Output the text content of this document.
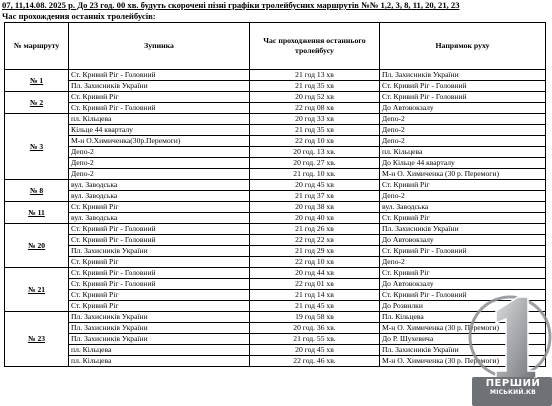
07, 11,14.08. 2025 р. До 23 год. 00 хв. будуть скорочені пізні графіки тролейбусних маршрутів №№ 1,2, 3, 8, 11, 20, 21, 23
Час прохождения останніх тролейбусів:
№ маршруту	Зупинка	Час проходження останнього тролейбусу	Напрямок руху
№ 1	Ст. Кривий Ріг - Головний	21 год 13 хв	Пл. Захисників України
	Пл. Захисників України	21 год 35 хв	Ст. Кривий Ріг - Головний
№ 2	Ст. Кривий Ріг	20 год 52 хв	Ст. Кривий Ріг - Головний
	Ст. Кривий Ріг - Головний	22 год 08 хв	До Автовокзалу
№ 3	пл. Кільцева	20 год 33 хв	Депо-2
	Кільце 44 кварталу	21 год 35 хв	Депо-2
	М-н О.Химиченка(30р.Перемоги)	22 год 10 хв	Депо-2
	Депо-2	20 год. 13 хв.	пл. Кільцева
	Депо-2	20 год. 27 хв.	До Кільце 44 кварталу
	Депо-2	21 год. 10 хв.	М-н О. Химиченка (30 р. Перемоги)
№ 8	вул. Заводська	20 год 45 хв	Ст. Кривий Ріг
	вул. Заводська	21 год 37 хв	Депо-2
№ 11	Ст. Кривий Ріг	20 год 38 хв	вул. Заводська
	вул. Заводська	20 год 40 хв	Ст. Кривий Ріг
№ 20	Ст. Кривий Ріг - Головний	21 год 26 хв	Пл. Захисників України
	Ст. Кривий Ріг - Головний	22 год 22 хв	До Автовокзалу
	Пл. Захисників України	21 год 29 хв	Ст. Кривий Ріг - Головний
	Ст. Кривий Ріг	22 год 10 хв	Депо-2
№ 21	Ст. Кривий Ріг - Головний	20 год 44 хв	Ст. Кривий Ріг
	Ст. Кривий Ріг - Головний	22 год 01 хв	До Автовокзалу
	Ст. Кривий Ріг	21 год 14 хв	Ст. Кривий Ріг - Головний
	Ст. Кривий Ріг	21 год 45 хв	До Розвилки
№ 23	Пл. Захисників України	19 год 58 хв	Пл. Кільцева
	Пл. Захисників України	20 год. 36 хв.	М-н О. Химиченка (30 р. Перемоги)
	Пл. Захисників України	21 год. 55 хв.	До Р. Шухевича
	пл. Кільцева	20 год 45 хв	Пл. Захисників України
	пл. Кільцева	22 год. 46 хв.	М-н О. Химиченка (30 р. Перемоги)
ПЕРШИЙ
МІСЬКИЙ.КВ
